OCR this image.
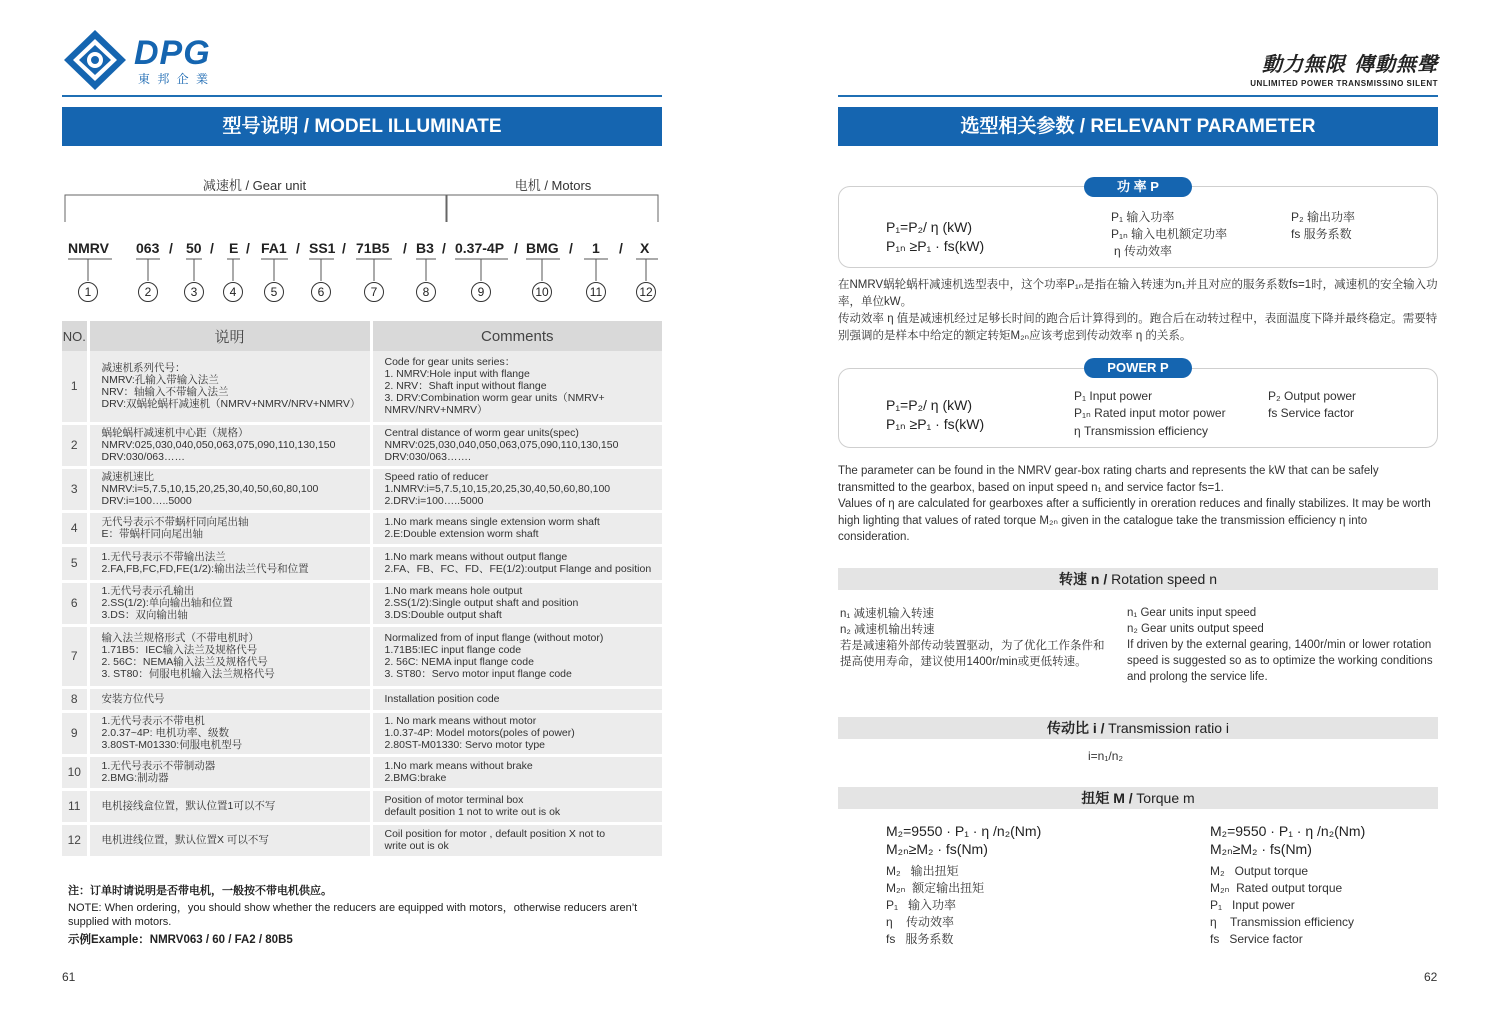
DPG
東 邦 企 業
型号说明 / MODEL ILLUMINATE
减速机 / Gear unit	电机 / Motors
NMRV 063 / 50 / E / FA1 / SS1 / 71B5 / B3 / 0.37-4P / BMG / 1 / X
1	2	3	4	5	6	7	8	9	10	11	12
NO.	说明	Comments
1	减速机系列代号：
NMRV:孔输入带输入法兰
NRV：轴输入不带输入法兰
DRV:双蜗轮蜗杆减速机（NMRV+NMRV/NRV+NMRV）	Code for gear units series：
1. NMRV:Hole input with flange
2. NRV：Shaft input without flange
3. DRV:Combination worm gear units（NMRV+
NMRV/NRV+NMRV）
2	蜗轮蜗杆减速机中心距（规格）
NMRV:025,030,040,050,063,075,090,110,130,150
DRV:030/063……	Central distance of worm gear units(spec)
NMRV:025,030,040,050,063,075,090,110,130,150
DRV:030/063…….
3	减速机速比
NMRV:i=5,7.5,10,15,20,25,30,40,50,60,80,100
DRV:i=100…..5000	Speed ratio of reducer
1.NMRV:i=5,7.5,10,15,20,25,30,40,50,60,80,100
2.DRV:i=100…..5000
4	无代号表示不带蜗杆同向尾出轴
E：带蜗杆同向尾出轴	1.No mark means single extension worm shaft
2.E:Double extension worm shaft
5	1.无代号表示不带输出法兰
2.FA,FB,FC,FD,FE(1/2):输出法兰代号和位置	1.No mark means without output flange
2.FA、FB、FC、FD、FE(1/2):output Flange and position
6	1.无代号表示孔输出
2.SS(1/2):单向输出轴和位置
3.DS：双向输出轴	1.No mark means hole output
2.SS(1/2):Single output shaft and position
3.DS:Double output shaft
7	输入法兰规格形式（不带电机时）
1.71B5：IEC输入法兰及规格代号
2. 56C：NEMA输入法兰及规格代号
3. ST80：伺服电机输入法兰规格代号	Normalized from of input flange (without motor)
1.71B5:IEC input flange code
2. 56C: NEMA input flange code
3. ST80：Servo motor input flange code
8	安装方位代号	Installation position code
9	1.无代号表示不带电机
2.0.37~4P: 电机功率、级数
3.80ST-M01330:伺服电机型号	1. No mark means without motor
1.0.37-4P: Model motors(poles of power)
2.80ST-M01330: Servo motor type
10	1.无代号表示不带制动器
2.BMG:制动器	1.No mark means without brake
2.BMG:brake
11	电机接线盒位置，默认位置1可以不写	Position of motor terminal box
default position 1 not to write out is ok
12	电机进线位置，默认位置X 可以不写	Coil position for motor , default position X not to
write out is ok
注：订单时请说明是否带电机，一般按不带电机供应。
NOTE: When ordering，you should show whether the reducers are equipped with motors，otherwise reducers aren’t supplied with motors.
示例Example：NMRV063 / 60 / FA2 / 80B5
61
動力無限 傳動無聲
UNLIMITED POWER TRANSMISSINO SILENT
选型相关参数 / RELEVANT PARAMETER
功 率 P
P₁=P₂/ η (kW)
P₁ₙ ≥P₁ · fs(kW)
P₁ 输入功率
P₁ₙ 输入电机额定功率
η 传动效率
P₂ 输出功率
fs 服务系数
在NMRV蜗轮蜗杆减速机选型表中，这个功率P₁ₙ是指在输入转速为n₁并且对应的服务系数fs=1时，减速机的安全输入功率，单位kW。
传动效率 η 值是减速机经过足够长时间的跑合后计算得到的。跑合后在动转过程中，表面温度下降并最终稳定。需要特别强调的是样本中给定的额定转矩M₂ₙ应该考虑到传动效率 η 的关系。
POWER P
P₁=P₂/ η (kW)
P₁ₙ ≥P₁ · fs(kW)
P₁ Input power
P₁ₙ Rated input motor power
η Transmission efficiency
P₂ Output power
fs Service factor
The parameter can be found in the NMRV gear-box rating charts and represents the kW that can be safely transmitted to the gearbox, based on input speed n₁ and service factor fs=1.
Values of η are calculated for gearboxes after a sufficiently in oreration reduces and finally stabilizes. It may be worth high lighting that values of rated torque M₂ₙ given in the catalogue take the transmission efficiency η into consideration.
转速 n / Rotation speed n
n₁ 减速机输入转速
n₂ 减速机输出转速
若是减速箱外部传动装置驱动，为了优化工作条件和提高使用寿命，建议使用1400r/min或更低转速。
n₁ Gear units input speed
n₂ Gear units output speed
If driven by the external gearing, 1400r/min or lower rotation speed is suggested so as to optimize the working conditions and prolong the service life.
传动比 i / Transmission ratio i
i=n₁/n₂
扭矩 M / Torque m
M₂=9550 · P₁ · η /n₂(Nm)
M₂ₙ≥M₂ · fs(Nm)
M₂=9550 · P₁ · η /n₂(Nm)
M₂ₙ≥M₂ · fs(Nm)
M₂   输出扭矩
M₂ₙ  额定输出扭矩
P₁   输入功率
η    传动效率
fs   服务系数
M₂   Output torque
M₂ₙ  Rated output torque
P₁   Input power
η    Transmission efficiency
fs   Service factor
62
